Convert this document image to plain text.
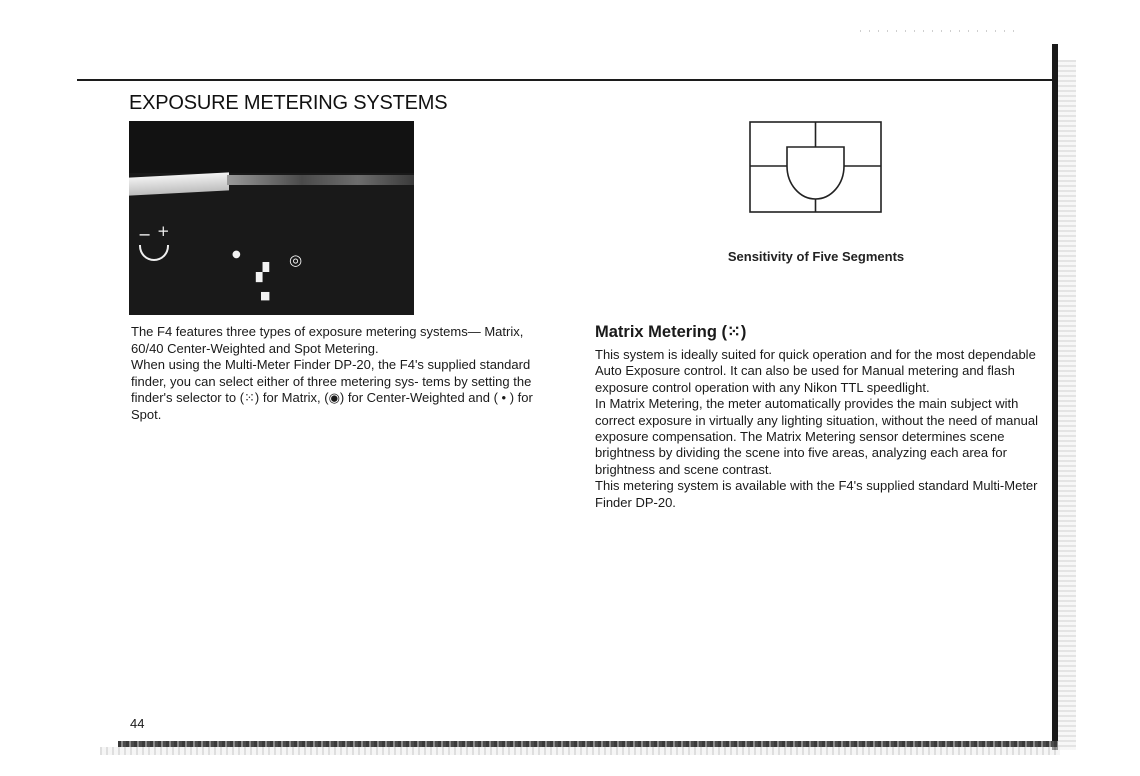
EXPOSURE METERING SYSTEMS
− +
●
▞
◎
■

The F4 features three types of exposure metering systems— Matrix, 60/40 Center-Weighted and Spot Metering.

When using the Multi-Meter Finder DP-20, the F4's supplied standard finder, you can select either of three metering sys- tems by setting the finder's selector to (⁙) for Matrix, (◉) for Center-Weighted and ( • ) for Spot.

Sensitivity of Five Segments

Matrix Metering (⁙)

This system is ideally suited for quick operation and for the most dependable Auto Exposure control. It can also be used for Manual metering and flash exposure control operation with any Nikon TTL speedlight.

In Matrix Metering, the meter automatically provides the main subject with correct exposure in virtually any lighting situation, without the need of manual exposure compensation. The Matrix Metering sensor determines scene brightness by dividing the scene into five areas, analyzing each area for brightness and scene contrast.

This metering system is available with the F4's supplied standard Multi-Meter Finder DP-20.

44
